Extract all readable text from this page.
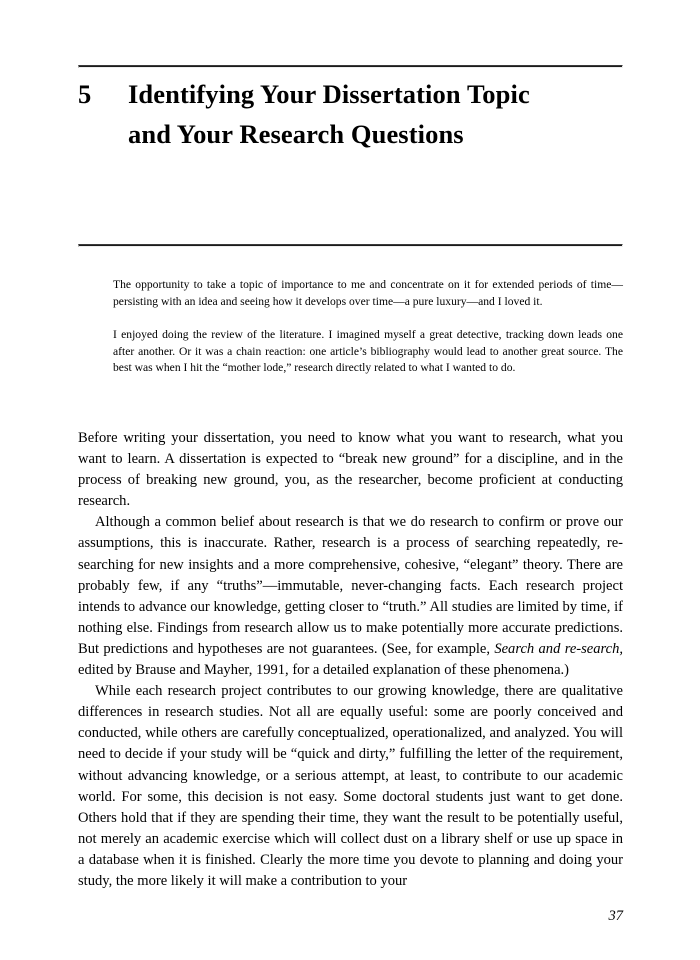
5 Identifying Your Dissertation Topic
and Your Research Questions

The opportunity to take a topic of importance to me and concentrate on it for extended periods of time—persisting with an idea and seeing how it develops over time—a pure luxury—and I loved it.

I enjoyed doing the review of the literature. I imagined myself a great detective, tracking down leads one after another. Or it was a chain reaction: one article’s bibliography would lead to another great source. The best was when I hit the “mother lode,” research directly related to what I wanted to do.

Before writing your dissertation, you need to know what you want to research, what you want to learn. A dissertation is expected to “break new ground” for a discipline, and in the process of breaking new ground, you, as the researcher, become proficient at conducting research.

Although a common belief about research is that we do research to confirm or prove our assumptions, this is inaccurate. Rather, research is a process of searching repeatedly, re-searching for new insights and a more comprehensive, cohesive, “elegant” theory. There are probably few, if any “truths”—immutable, never-changing facts. Each research project intends to advance our knowledge, getting closer to “truth.” All studies are limited by time, if nothing else. Findings from research allow us to make potentially more accurate predictions. But predictions and hypotheses are not guarantees. (See, for example, Search and re-search, edited by Brause and Mayher, 1991, for a detailed explanation of these phenomena.)

While each research project contributes to our growing knowledge, there are qualitative differences in research studies. Not all are equally useful: some are poorly conceived and conducted, while others are carefully conceptualized, operationalized, and analyzed. You will need to decide if your study will be “quick and dirty,” fulfilling the letter of the requirement, without advancing knowledge, or a serious attempt, at least, to contribute to our academic world. For some, this decision is not easy. Some doctoral students just want to get done. Others hold that if they are spending their time, they want the result to be potentially useful, not merely an academic exercise which will collect dust on a library shelf or use up space in a database when it is finished. Clearly the more time you devote to planning and doing your study, the more likely it will make a contribution to your

37
